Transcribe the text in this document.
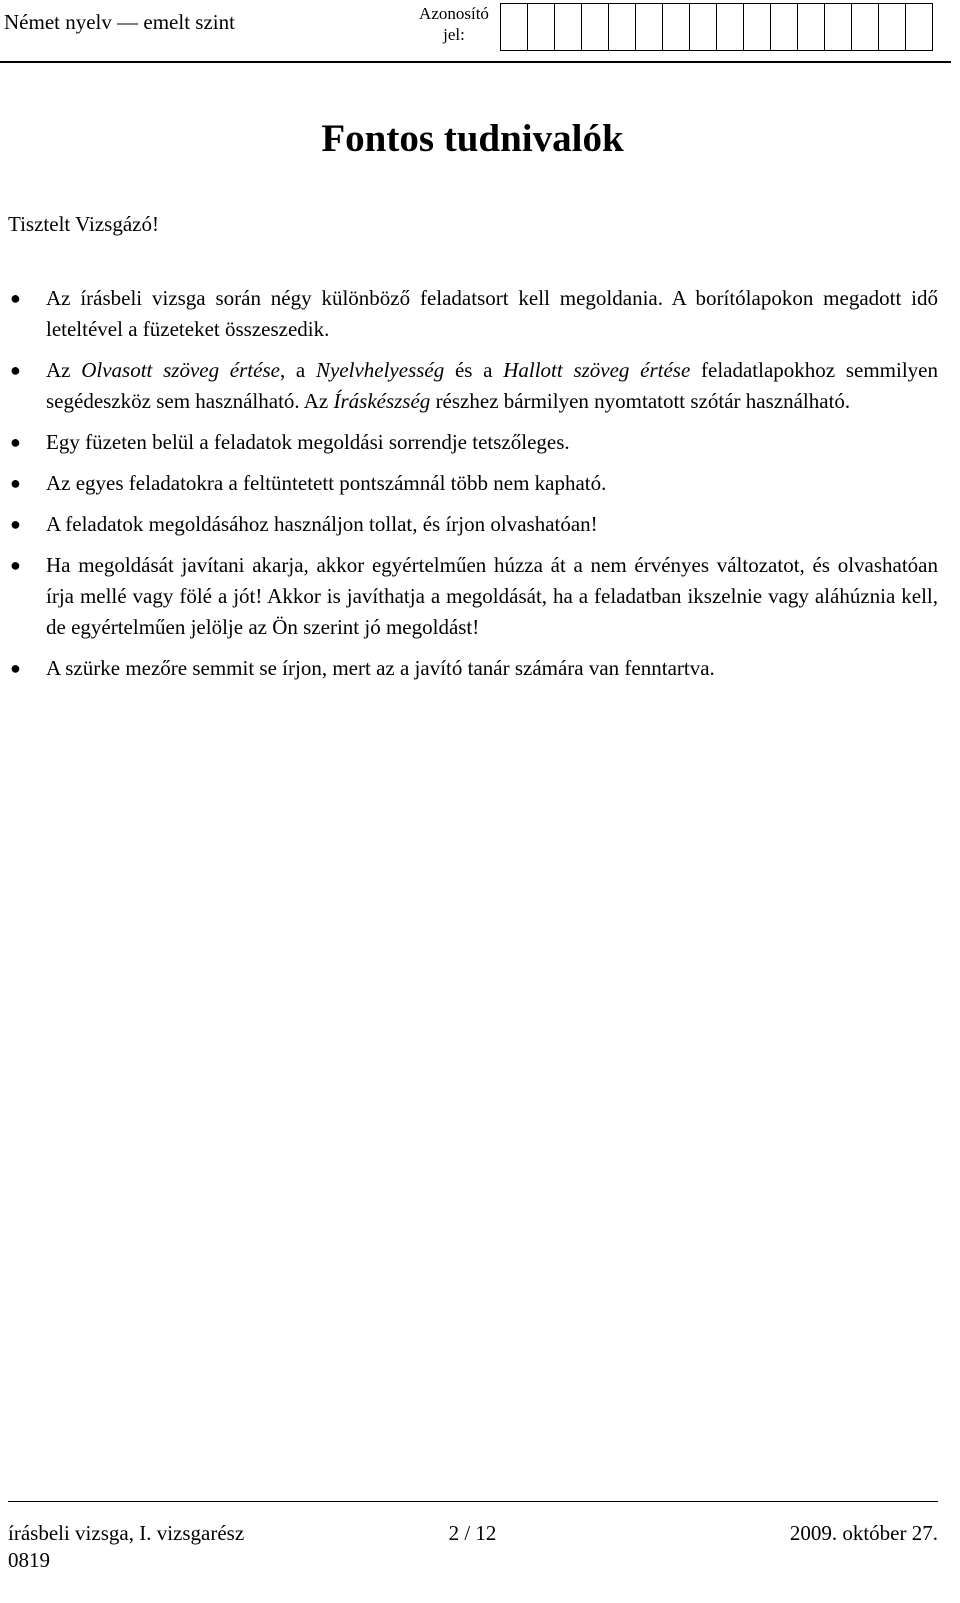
Német nyelv — emelt szint	Azonosító
jel:
Fontos tudnivalók
Tisztelt Vizsgázó!
● Az írásbeli vizsga során négy különböző feladatsort kell megoldania. A borítólapokon megadott idő leteltével a füzeteket összeszedik.
● Az Olvasott szöveg értése, a Nyelvhelyesség és a Hallott szöveg értése feladatlapokhoz semmilyen segédeszköz sem használható. Az Íráskészség részhez bármilyen nyomtatott szótár használható.
● Egy füzeten belül a feladatok megoldási sorrendje tetszőleges.
● Az egyes feladatokra a feltüntetett pontszámnál több nem kapható.
● A feladatok megoldásához használjon tollat, és írjon olvashatóan!
● Ha megoldását javítani akarja, akkor egyértelműen húzza át a nem érvényes változatot, és olvashatóan írja mellé vagy fölé a jót! Akkor is javíthatja a megoldását, ha a feladatban ikszelnie vagy aláhúznia kell, de egyértelműen jelölje az Ön szerint jó megoldást!
● A szürke mezőre semmit se írjon, mert az a javító tanár számára van fenntartva.
írásbeli vizsga, I. vizsgarész	2 / 12	2009. október 27.
0819
